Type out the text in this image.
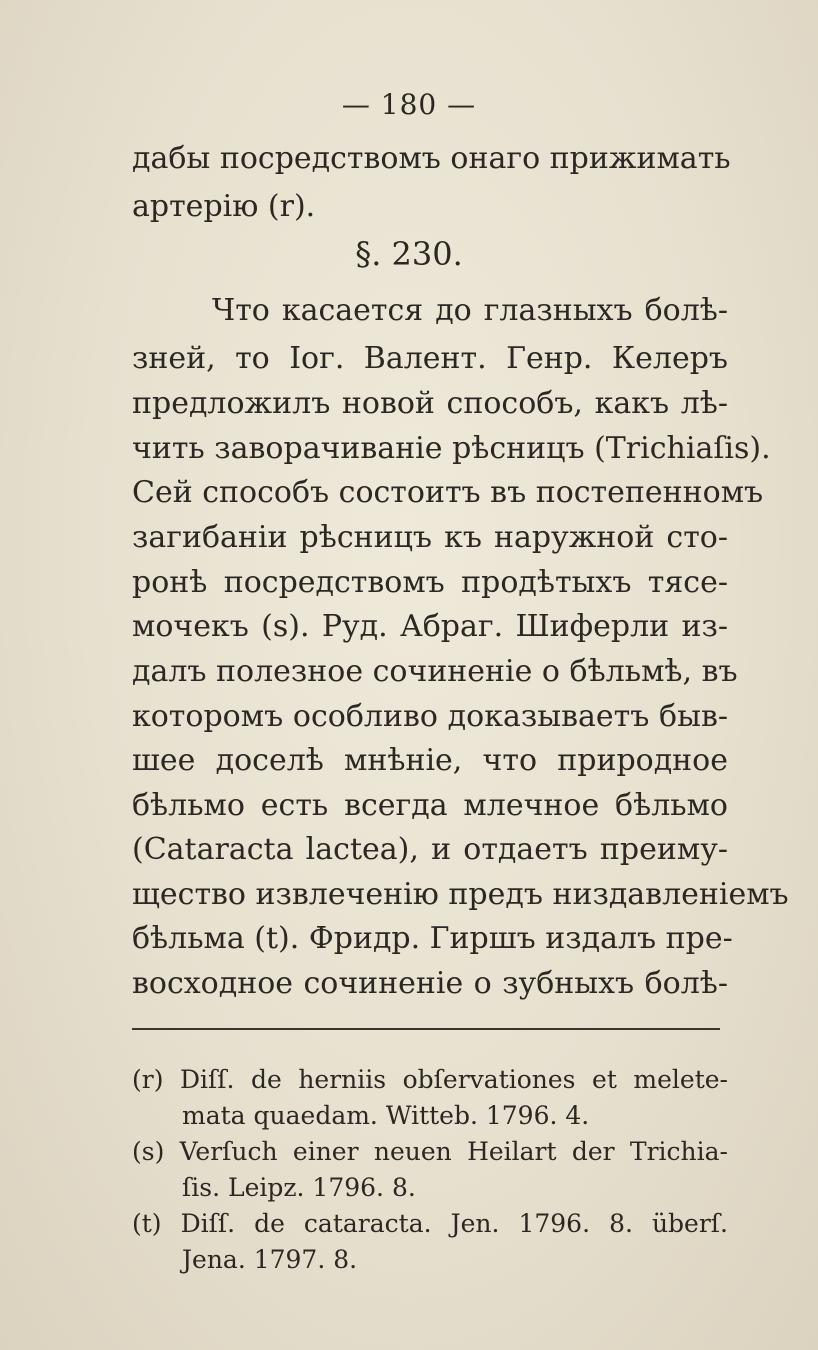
— 180 —
дабы посредствомъ онаго прижимать
артерію (r).
§. 230.
Что касается до глазныхъ болѣ-
зней, то Іог. Валент. Генр. Келеръ
предложилъ новой способъ, какъ лѣ-
чить заворачиваніе рѣсницъ (Trichiaſis).
Сей способъ состоитъ въ постепенномъ
загибаніи рѣсницъ къ наружной сто-
ронѣ посредствомъ продѣтыхъ тясе-
мочекъ (s). Руд. Абраг. Шиферли из-
далъ полезное сочиненіе о бѣльмѣ, въ
которомъ особливо доказываетъ быв-
шее доселѣ мнѣніе, что природное
бѣльмо есть всегда млечное бѣльмо
(Cataracta lactea), и отдаетъ преиму-
щество извлеченію предъ низдавленіемъ
бѣльма (t). Фридр. Гиршъ издалъ пре-
восходное сочиненіе о зубныхъ болѣ-
(r) Diſſ. de herniis obſervationes et melete-
mata quaedam. Witteb. 1796. 4.
(s) Verſuch einer neuen Heilart der Trichia-
ſis. Leipz. 1796. 8.
(t) Diſſ. de cataracta. Jen. 1796. 8. überſ.
Jena. 1797. 8.
